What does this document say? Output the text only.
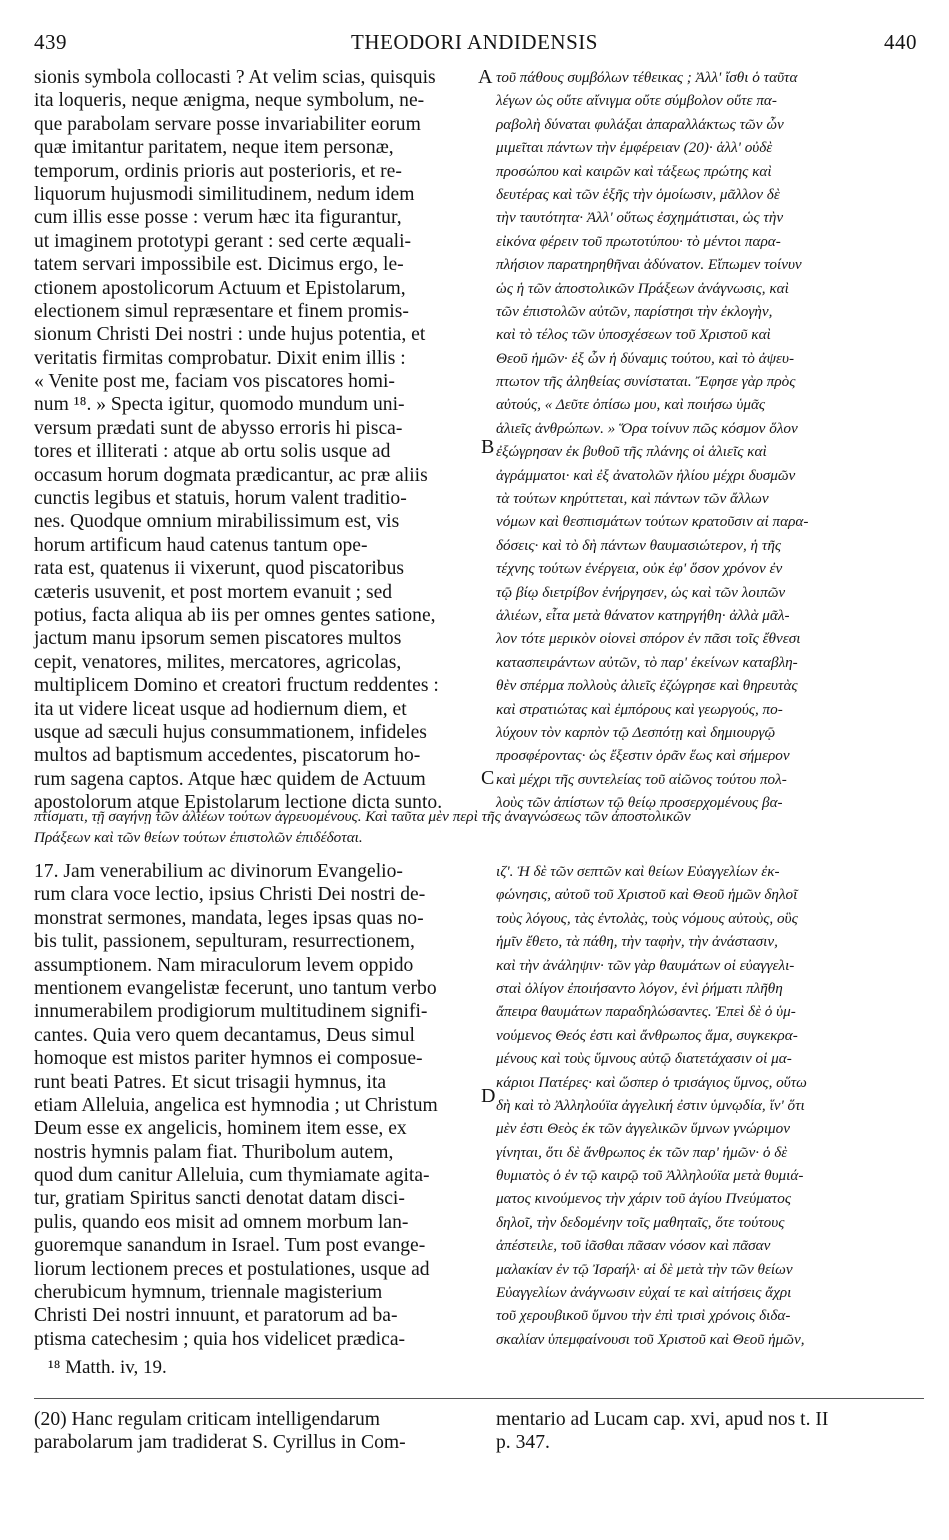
439	THEODORI ANDIDENSIS	440
sionis symbola collocasti ? At velim scias, quisquis
ita loqueris, neque ænigma, neque symbolum, ne-
que parabolam servare posse invariabiliter eorum
quæ imitantur paritatem, neque item personæ,
temporum, ordinis prioris aut posterioris, et re-
liquorum hujusmodi similitudinem, nedum idem
cum illis esse posse : verum hæc ita figurantur,
ut imaginem prototypi gerant : sed certe æquali-
tatem servari impossibile est. Dicimus ergo, le-
ctionem apostolicorum Actuum et Epistolarum,
electionem simul repræsentare et finem promis-
sionum Christi Dei nostri : unde hujus potentia, et
veritatis firmitas comprobatur. Dixit enim illis :
« Venite post me, faciam vos piscatores homi-
num ¹⁸. » Specta igitur, quomodo mundum uni-
versum prædati sunt de abysso erroris hi pisca-
tores et illiterati : atque ab ortu solis usque ad
occasum horum dogmata prædicantur, ac præ aliis
cunctis legibus et statuis, horum valent traditio-
nes. Quodque omnium mirabilissimum est, vis
horum artificum haud catenus tantum ope-
rata est, quatenus ii vixerunt, quod piscatoribus
cæteris usuvenit, et post mortem evanuit ; sed
potius, facta aliqua ab iis per omnes gentes satione,
jactum manu ipsorum semen piscatores multos
cepit, venatores, milites, mercatores, agricolas,
multiplicem Domino et creatori fructum reddentes :
ita ut videre liceat usque ad hodiernum diem, et
usque ad sæculi hujus consummationem, infideles
multos ad baptismum accedentes, piscatorum ho-
rum sagena captos. Atque hæc quidem de Actuum
apostolorum atque Epistolarum lectione dicta sunto.
τοῦ πάθους συμβόλων τέθεικας ; Ἀλλ' ἴσθι ὁ ταῦτα
λέγων ὡς οὔτε αἴνιγμα οὔτε σύμβολον οὔτε πα-
ραβολὴ δύναται φυλάξαι ἀπαραλλάκτως τῶν ὧν
μιμεῖται πάντων τὴν ἐμφέρειαν (20)· ἀλλ' οὐδὲ
προσώπου καὶ καιρῶν καὶ τάξεως πρώτης καὶ
δευτέρας καὶ τῶν ἑξῆς τὴν ὁμοίωσιν, μᾶλλον δὲ
τὴν ταυτότητα· Ἀλλ' οὕτως ἐσχημάτισται, ὡς τὴν
εἰκόνα φέρειν τοῦ πρωτοτύπου· τὸ μέντοι παρα-
πλήσιον παρατηρηθῆναι ἀδύνατον. Εἴπωμεν τοίνυν
ὡς ἡ τῶν ἀποστολικῶν Πράξεων ἀνάγνωσις, καὶ
τῶν ἐπιστολῶν αὐτῶν, παρίστησι τὴν ἐκλογὴν,
καὶ τὸ τέλος τῶν ὑποσχέσεων τοῦ Χριστοῦ καὶ
Θεοῦ ἡμῶν· ἐξ ὧν ἡ δύναμις τούτου, καὶ τὸ ἀψευ-
πτωτον τῆς ἀληθείας συνίσταται. Ἔφησε γὰρ πρὸς
αὐτούς, « Δεῦτε ὀπίσω μου, καὶ ποιήσω ὑμᾶς
ἁλιεῖς ἀνθρώπων. » Ὅρα τοίνυν πῶς κόσμον ὅλον
ἐξώγρησαν ἐκ βυθοῦ τῆς πλάνης οἱ ἁλιεῖς καὶ
ἀγράμματοι· καὶ ἐξ ἀνατολῶν ἡλίου μέχρι δυσμῶν
τὰ τούτων κηρύττεται, καὶ πάντων τῶν ἄλλων
νόμων καὶ θεσπισμάτων τούτων κρατοῦσιν αἱ παρα-
δόσεις· καὶ τὸ δὴ πάντων θαυμασιώτερον, ἡ τῆς
τέχνης τούτων ἐνέργεια, οὐκ ἐφ' ὅσον χρόνον ἐν
τῷ βίῳ διετρίβον ἐνήργησεν, ὡς καὶ τῶν λοιπῶν
ἁλιέων, εἶτα μετὰ θάνατον κατηργήθη· ἀλλὰ μᾶλ-
λον τότε μερικὸν οἱονεὶ σπόρον ἐν πᾶσι τοῖς ἔθνεσι
κατασπειράντων αὐτῶν, τὸ παρ' ἐκείνων καταβλη-
θὲν σπέρμα πολλοὺς ἁλιεῖς ἐζώγρησε καὶ θηρευτὰς
καὶ στρατιώτας καὶ ἐμπόρους καὶ γεωργούς, πο-
λύχουν τὸν καρπὸν τῷ Δεσπότῃ καὶ δημιουργῷ
προσφέροντας· ὡς ἔξεστιν ὁρᾶν ἕως καὶ σήμερον
καὶ μέχρι τῆς συντελείας τοῦ αἰῶνος τούτου πολ-
λοὺς τῶν ἀπίστων τῷ θείῳ προσερχομένους βα-
A
B
C
D
πτίσματι, τῇ σαγήνῃ τῶν ἁλιέων τούτων ἀγρευομένους. Καὶ ταῦτα μὲν περὶ τῆς ἀναγνώσεως τῶν ἀποστολικῶν
Πράξεων καὶ τῶν θείων τούτων ἐπιστολῶν ἐπιδέδοται.
17. Jam venerabilium ac divinorum Evangelio-
rum clara voce lectio, ipsius Christi Dei nostri de-
monstrat sermones, mandata, leges ipsas quas no-
bis tulit, passionem, sepulturam, resurrectionem,
assumptionem. Nam miraculorum levem oppido
mentionem evangelistæ fecerunt, uno tantum verbo
innumerabilem prodigiorum multitudinem signifi-
cantes. Quia vero quem decantamus, Deus simul
homoque est mistos pariter hymnos ei composue-
runt beati Patres. Et sicut trisagii hymnus, ita
etiam Alleluia, angelica est hymnodia ; ut Christum
Deum esse ex angelicis, hominem item esse, ex
nostris hymnis palam fiat. Thuribolum autem,
quod dum canitur Alleluia, cum thymiamate agita-
tur, gratiam Spiritus sancti denotat datam disci-
pulis, quando eos misit ad omnem morbum lan-
guoremque sanandum in Israel. Tum post evange-
liorum lectionem preces et postulationes, usque ad
cherubicum hymnum, triennale magisterium
Christi Dei nostri innuunt, et paratorum ad ba-
ptisma catechesim ; quia hos videlicet prædica-
ιζ'. Ἡ δὲ τῶν σεπτῶν καὶ θείων Εὐαγγελίων ἐκ-
φώνησις, αὐτοῦ τοῦ Χριστοῦ καὶ Θεοῦ ἡμῶν δηλοῖ
τοὺς λόγους, τὰς ἐντολὰς, τοὺς νόμους αὐτοὺς, οὓς
ἡμῖν ἔθετο, τὰ πάθη, τὴν ταφὴν, τὴν ἀνάστασιν,
καὶ τὴν ἀνάληψιν· τῶν γὰρ θαυμάτων οἱ εὐαγγελι-
σταὶ ὀλίγον ἐποιήσαντο λόγον, ἑνὶ ῥήματι πλῆθη
ἄπειρα θαυμάτων παραδηλώσαντες. Ἐπεὶ δὲ ὁ ὑμ-
νούμενος Θεός ἐστι καὶ ἄνθρωπος ἅμα, συγκεκρα-
μένους καὶ τοὺς ὕμνους αὐτῷ διατετάχασιν οἱ μα-
κάριοι Πατέρες· καὶ ὥσπερ ὁ τρισάγιος ὕμνος, οὕτω
δὴ καὶ τὸ Ἀλληλούϊα ἀγγελική ἐστιν ὑμνῳδία, ἵν' ὅτι
μὲν ἐστι Θεὸς ἐκ τῶν ἀγγελικῶν ὕμνων γνώριμον
γίνηται, ὅτι δὲ ἄνθρωπος ἐκ τῶν παρ' ἡμῶν· ὁ δὲ
θυμιατὸς ὁ ἐν τῷ καιρῷ τοῦ Ἀλληλούϊα μετὰ θυμιά-
ματος κινούμενος τὴν χάριν τοῦ ἁγίου Πνεύματος
δηλοῖ, τὴν δεδομένην τοῖς μαθηταῖς, ὅτε τούτους
ἀπέστειλε, τοῦ ἰᾶσθαι πᾶσαν νόσον καὶ πᾶσαν
μαλακίαν ἐν τῷ Ἰσραήλ· αἱ δὲ μετὰ τὴν τῶν θείων
Εὐαγγελίων ἀνάγνωσιν εὐχαί τε καὶ αἰτήσεις ἄχρι
τοῦ χερουβικοῦ ὕμνου τὴν ἐπὶ τρισὶ χρόνοις διδα-
σκαλίαν ὑπεμφαίνουσι τοῦ Χριστοῦ καὶ Θεοῦ ἡμῶν,
¹⁸ Matth. iv, 19.
(20) Hanc regulam criticam intelligendarum
parabolarum jam tradiderat S. Cyrillus in Com-
mentario ad Lucam cap. xvi, apud nos t. II
p. 347.
